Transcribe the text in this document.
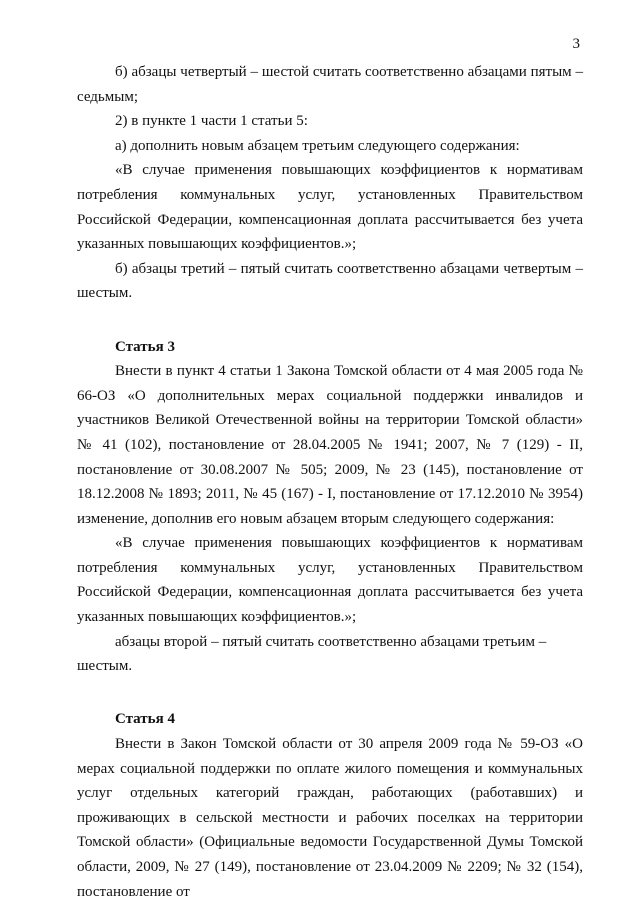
3

б) абзацы четвертый – шестой считать соответственно абзацами пятым – седьмым;

2) в пункте 1 части 1 статьи 5:

а) дополнить новым абзацем третьим следующего содержания:

«В случае применения повышающих коэффициентов к нормативам потребления коммунальных услуг, установленных Правительством Российской Федерации, компенсационная доплата рассчитывается без учета указанных повышающих коэффициентов.»;

б) абзацы третий – пятый считать соответственно абзацами четвертым – шестым.

Статья 3

Внести в пункт 4 статьи 1 Закона Томской области от 4 мая 2005 года № 66-ОЗ «О дополнительных мерах социальной поддержки инвалидов и участников Великой Отечественной войны на территории Томской области» № 41 (102), постановление от 28.04.2005 № 1941; 2007, № 7 (129) - II, постановление от 30.08.2007 № 505; 2009, № 23 (145), постановление от 18.12.2008 № 1893; 2011, № 45 (167) - I, постановление от 17.12.2010 № 3954) изменение, дополнив его новым абзацем вторым следующего содержания:

«В случае применения повышающих коэффициентов к нормативам потребления коммунальных услуг, установленных Правительством Российской Федерации, компенсационная доплата рассчитывается без учета указанных повышающих коэффициентов.»;

абзацы второй – пятый считать соответственно абзацами третьим – шестым.

Статья 4

Внести в Закон Томской области от 30 апреля 2009 года № 59-ОЗ «О мерах социальной поддержки по оплате жилого помещения и коммунальных услуг отдельных категорий граждан, работающих (работавших) и проживающих в сельской местности и рабочих поселках на территории Томской области» (Официальные ведомости Государственной Думы Томской области, 2009, № 27 (149), постановление от 23.04.2009 № 2209; № 32 (154), постановление от
